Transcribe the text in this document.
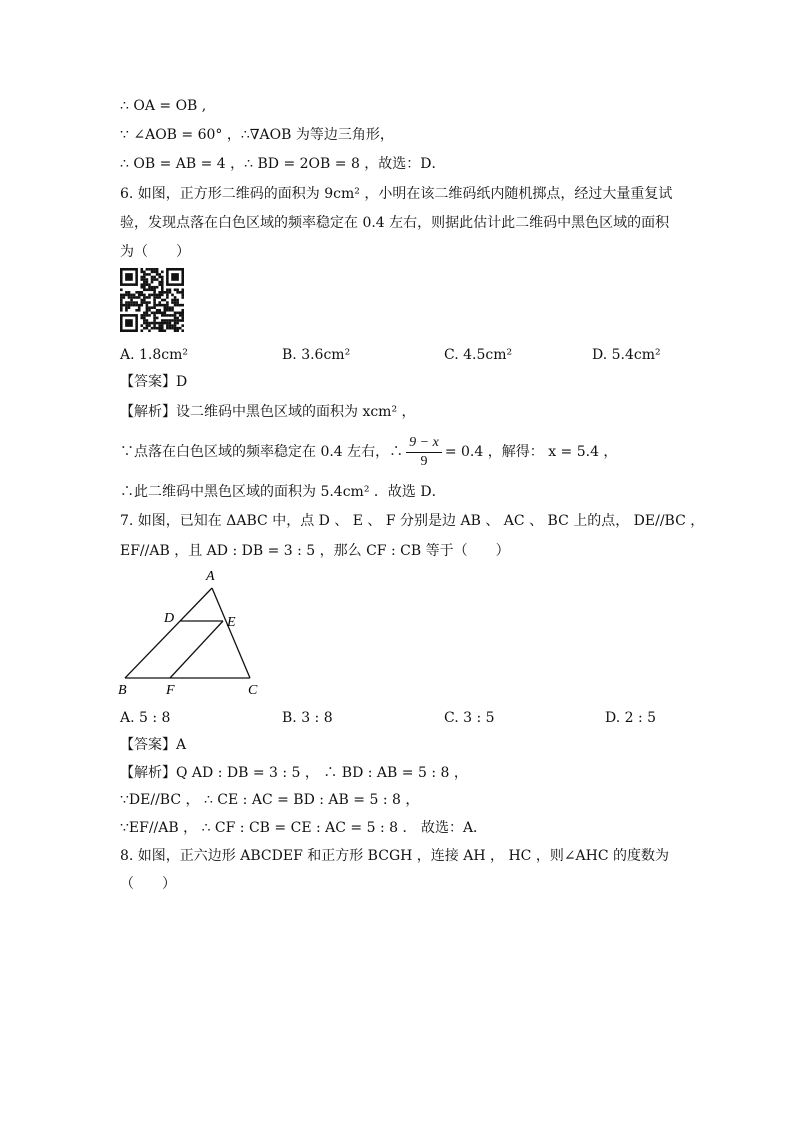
∴ OA = OB ,
∵ ∠AOB = 60° ，∴∇AOB 为等边三角形，
∴ OB = AB = 4 ，∴ BD = 2OB = 8 ，故选：D．
6. 如图，正方形二维码的面积为 9cm² ，小明在该二维码纸内随机掷点，经过大量重复试
验，发现点落在白色区域的频率稳定在 0.4 左右，则据此估计此二维码中黑色区域的面积
为（　　）
A. 1.8cm²	B. 3.6cm²	C. 4.5cm²	D. 5.4cm²
【答案】D
【解析】设二维码中黑色区域的面积为 xcm² ，
∵点落在白色区域的频率稳定在 0.4 左右，∴ $\frac{9 - x}{9} = 0.4$ ，解得： x = 5.4 ，
∴此二维码中黑色区域的面积为 5.4cm² ．故选 D．
7. 如图，已知在 ΔABC 中，点 D 、 E 、 F 分别是边 AB 、 AC 、 BC 上的点， DE//BC ，
EF//AB ，且 AD : DB = 3 : 5 ，那么 CF : CB 等于（　　）
A
D	E
B	F	C
A. 5 : 8	B. 3 : 8	C. 3 : 5	D. 2 : 5
【答案】A
【解析】Q AD : DB = 3 : 5 ， ∴ BD : AB = 5 : 8 ，
∵DE//BC ， ∴ CE : AC = BD : AB = 5 : 8 ，
∵EF//AB ， ∴ CF : CB = CE : AC = 5 : 8 ． 故选：A．
8. 如图，正六边形 ABCDEF 和正方形 BCGH ，连接 AH ， HC ，则∠AHC 的度数为
（　　）
